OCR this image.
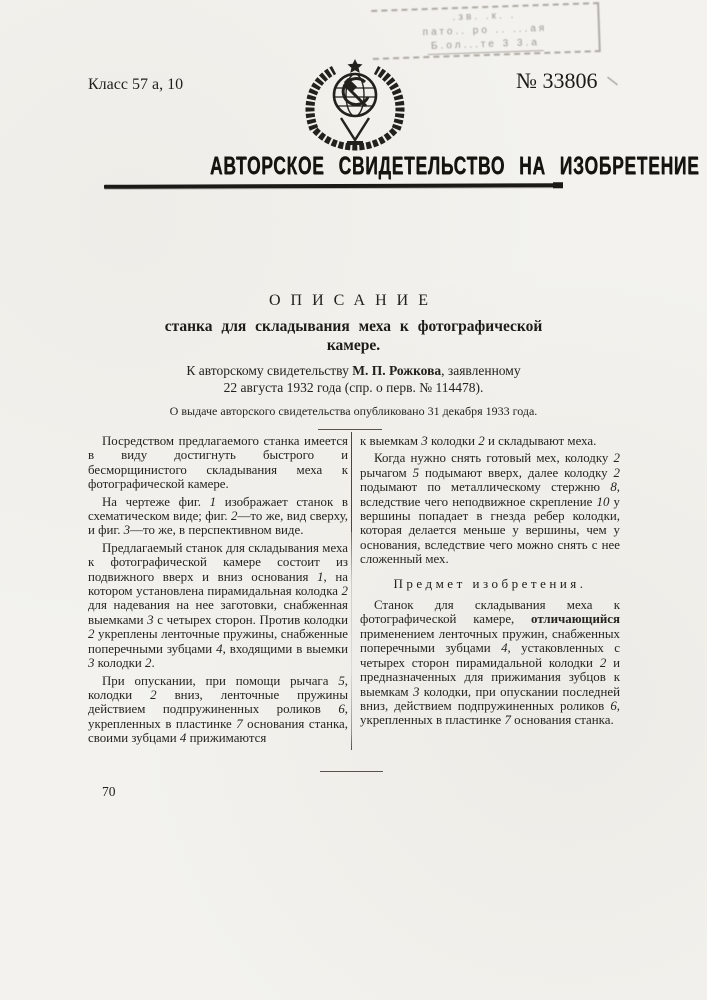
.зв. .к. .
пато.. ро .. ...ая
Б.ол...те 3 3.а
Класс 57 а, 10	№ 33806
АВТОРСКОЕ СВИДЕТЕЛЬСТВО НА ИЗОБРЕТЕНИЕ
ОПИСАНИЕ
станка для складывания меха к фотографической
камере.
К авторскому свидетельству М. П. Рожкова, заявленному
22 августа 1932 года (спр. о перв. № 114478).
О выдаче авторского свидетельства опубликовано 31 декабря 1933 года.

Посредством предлагаемого станка имеется в виду достигнуть быстрого и бесморщинистого складывания меха к фотографической камере.

На чертеже фиг. 1 изображает станок в схематическом виде; фиг. 2—то же, вид сверху, и фиг. 3—то же, в перспективном виде.

Предлагаемый станок для складывания меха к фотографической камере состоит из подвижного вверх и вниз основания 1, на котором установлена пирамидальная колодка 2 для надевания на нее заготовки, снабженная выемками 3 с четырех сторон. Против колодки 2 укреплены ленточные пружины, снабженные поперечными зубцами 4, входящими в выемки 3 колодки 2.

При опускании, при помощи рычага 5, колодки 2 вниз, ленточные пружины действием подпружиненных роликов 6, укрепленных в пластинке 7 основания станка, своими зубцами 4 прижимаются

к выемкам 3 колодки 2 и складывают меха.

Когда нужно снять готовый мех, колодку 2 рычагом 5 подымают вверх, далее колодку 2 подымают по металлическому стержню 8, вследствие чего неподвижное скрепление 10 у вершины попадает в гнезда ребер колодки, которая делается меньше у вершины, чем у основания, вследствие чего можно снять с нее сложенный мех.

Предмет изобретения.

Станок для складывания меха к фотографической камере, отличающийся применением ленточных пружин, снабженных поперечными зубцами 4, устаковленных с четырех сторон пирамидальной колодки 2 и предназначенных для прижимания зубцов к выемкам 3 колодки, при опускании последней вниз, действием подпружиненных роликов 6, укрепленных в пластинке 7 основания станка.

70
